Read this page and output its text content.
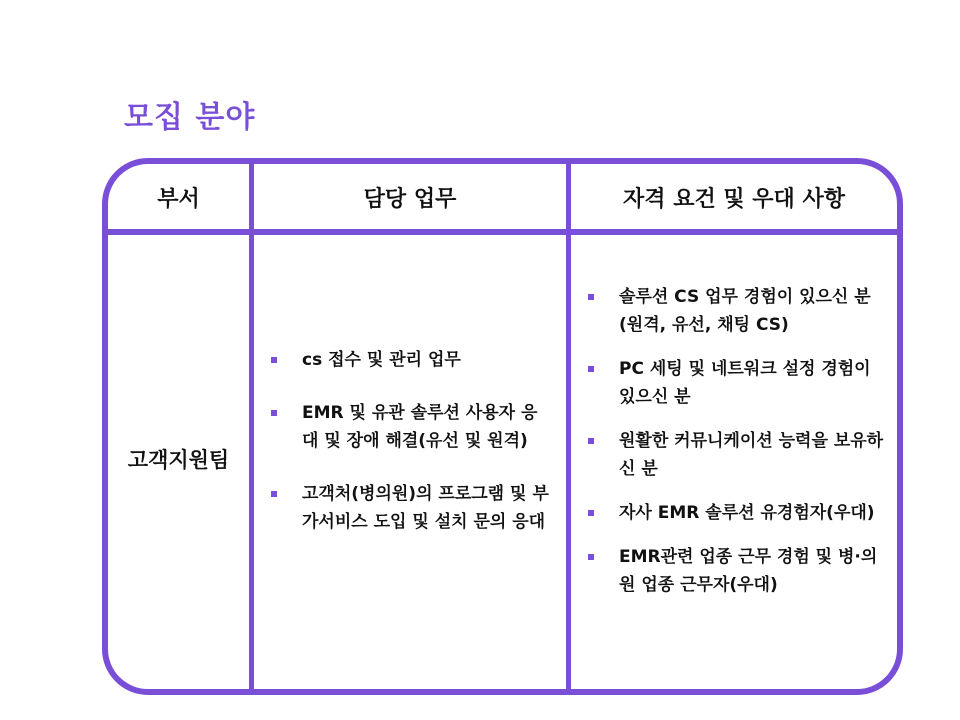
모집 분야
부서	담당 업무	자격 요건 및 우대 사항
고객지원팀
cs 접수 및 관리 업무
EMR 및 유관 솔루션 사용자 응대 및 장애 해결(유선 및 원격)
고객처(병의원)의 프로그램 및 부가서비스 도입 및 설치 문의 응대
솔루션 CS 업무 경험이 있으신 분(원격, 유선, 채팅 CS)
PC 세팅 및 네트워크 설정 경험이 있으신 분
원활한 커뮤니케이션 능력을 보유하신 분
자사 EMR 솔루션 유경험자(우대)
EMR관련 업종 근무 경험 및 병·의원 업종 근무자(우대)
